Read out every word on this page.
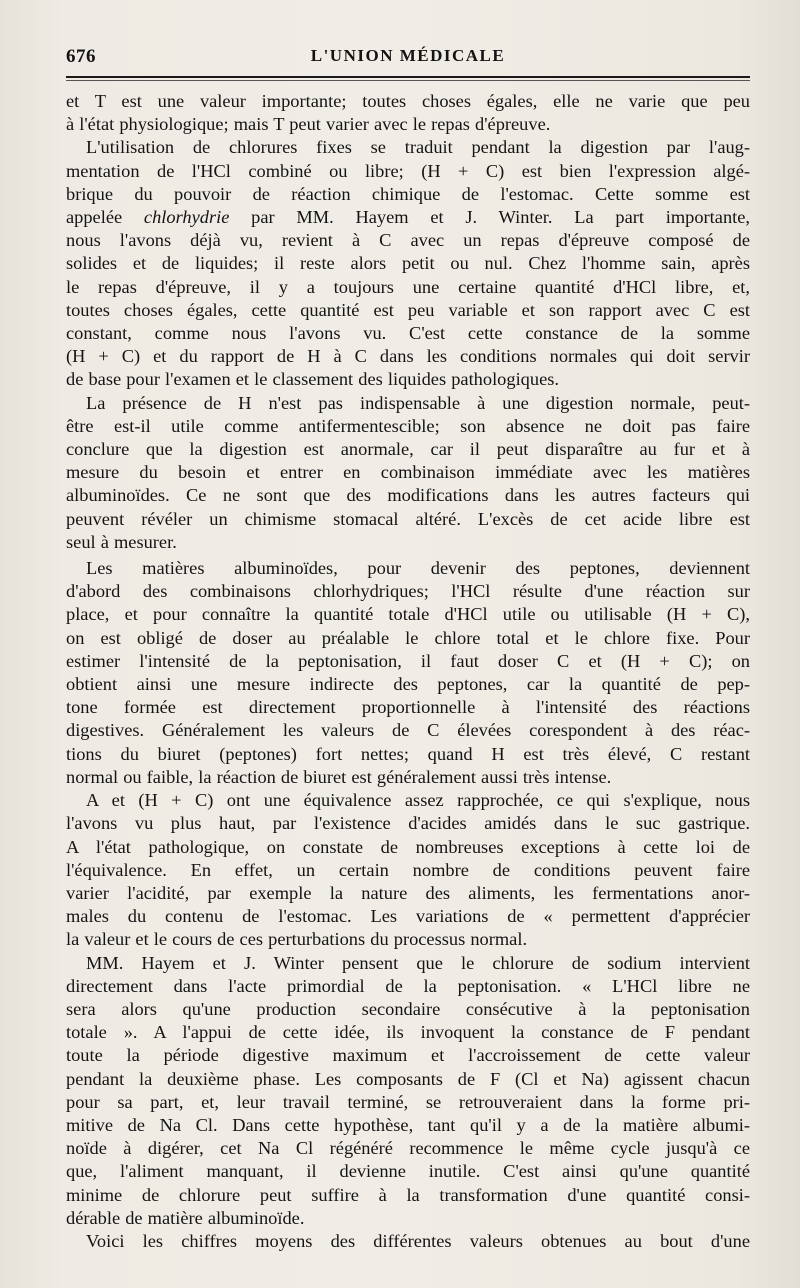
676	L'UNION MÉDICALE

et T est une valeur importante; toutes choses égales, elle ne varie que peu
à l'état physiologique; mais T peut varier avec le repas d'épreuve.

L'utilisation de chlorures fixes se traduit pendant la digestion par l'aug-
mentation de l'HCl combiné ou libre; (H + C) est bien l'expression algé-
brique du pouvoir de réaction chimique de l'estomac. Cette somme est
appelée chlorhydrie par MM. Hayem et J. Winter. La part importante,
nous l'avons déjà vu, revient à C avec un repas d'épreuve composé de
solides et de liquides; il reste alors petit ou nul. Chez l'homme sain, après
le repas d'épreuve, il y a toujours une certaine quantité d'HCl libre, et,
toutes choses égales, cette quantité est peu variable et son rapport avec C est
constant, comme nous l'avons vu. C'est cette constance de la somme
(H + C) et du rapport de H à C dans les conditions normales qui doit servir
de base pour l'examen et le classement des liquides pathologiques.

La présence de H n'est pas indispensable à une digestion normale, peut-
être est-il utile comme antifermentescible; son absence ne doit pas faire
conclure que la digestion est anormale, car il peut disparaître au fur et à
mesure du besoin et entrer en combinaison immédiate avec les matières
albuminoïdes. Ce ne sont que des modifications dans les autres facteurs qui
peuvent révéler un chimisme stomacal altéré. L'excès de cet acide libre est
seul à mesurer.

Les matières albuminoïdes, pour devenir des peptones, deviennent
d'abord des combinaisons chlorhydriques; l'HCl résulte d'une réaction sur
place, et pour connaître la quantité totale d'HCl utile ou utilisable (H + C),
on est obligé de doser au préalable le chlore total et le chlore fixe. Pour
estimer l'intensité de la peptonisation, il faut doser C et (H + C); on
obtient ainsi une mesure indirecte des peptones, car la quantité de pep-
tone formée est directement proportionnelle à l'intensité des réactions
digestives. Généralement les valeurs de C élevées corespondent à des réac-
tions du biuret (peptones) fort nettes; quand H est très élevé, C restant
normal ou faible, la réaction de biuret est généralement aussi très intense.

A et (H + C) ont une équivalence assez rapprochée, ce qui s'explique, nous
l'avons vu plus haut, par l'existence d'acides amidés dans le suc gastrique.
A l'état pathologique, on constate de nombreuses exceptions à cette loi de
l'équivalence. En effet, un certain nombre de conditions peuvent faire
varier l'acidité, par exemple la nature des aliments, les fermentations anor-
males du contenu de l'estomac. Les variations de « permettent d'apprécier
la valeur et le cours de ces perturbations du processus normal.

MM. Hayem et J. Winter pensent que le chlorure de sodium intervient
directement dans l'acte primordial de la peptonisation. « L'HCl libre ne
sera alors qu'une production secondaire consécutive à la peptonisation
totale ». A l'appui de cette idée, ils invoquent la constance de F pendant
toute la période digestive maximum et l'accroissement de cette valeur
pendant la deuxième phase. Les composants de F (Cl et Na) agissent chacun
pour sa part, et, leur travail terminé, se retrouveraient dans la forme pri-
mitive de Na Cl. Dans cette hypothèse, tant qu'il y a de la matière albumi-
noïde à digérer, cet Na Cl régénéré recommence le même cycle jusqu'à ce
que, l'aliment manquant, il devienne inutile. C'est ainsi qu'une quantité
minime de chlorure peut suffire à la transformation d'une quantité consi-
dérable de matière albuminoïde.

Voici les chiffres moyens des différentes valeurs obtenues au bout d'une
